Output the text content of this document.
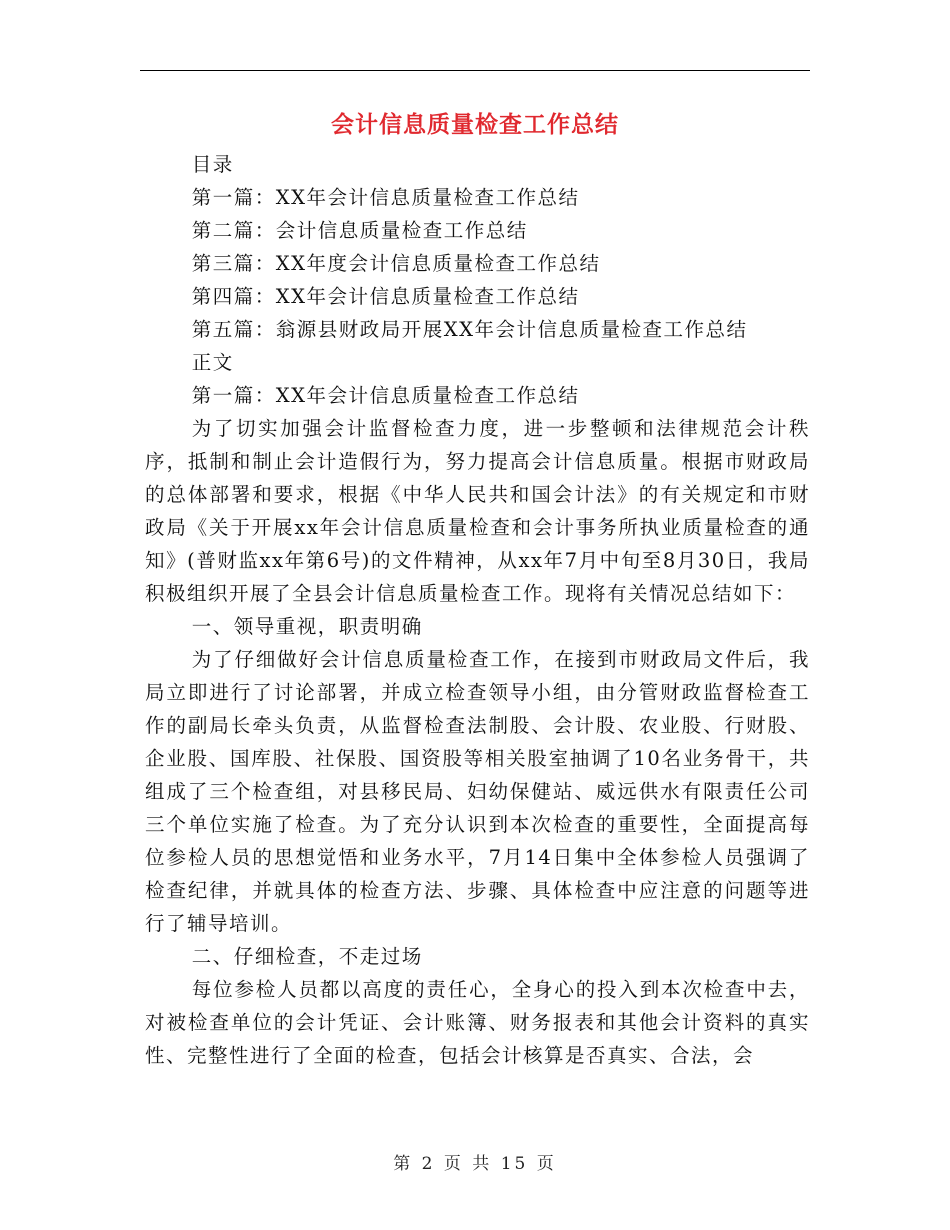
会计信息质量检查工作总结

目录

第一篇：XX年会计信息质量检查工作总结

第二篇：会计信息质量检查工作总结

第三篇：XX年度会计信息质量检查工作总结

第四篇：XX年会计信息质量检查工作总结

第五篇：翁源县财政局开展XX年会计信息质量检查工作总结

正文

第一篇：XX年会计信息质量检查工作总结

为了切实加强会计监督检查力度，进一步整顿和法律规范会计秩序，抵制和制止会计造假行为，努力提高会计信息质量。根据市财政局的总体部署和要求，根据《中华人民共和国会计法》的有关规定和市财政局《关于开展xx年会计信息质量检查和会计事务所执业质量检查的通知》(普财监xx年第6号)的文件精神，从xx年7月中旬至8月30日，我局积极组织开展了全县会计信息质量检查工作。现将有关情况总结如下：

一、领导重视，职责明确

为了仔细做好会计信息质量检查工作，在接到市财政局文件后，我局立即进行了讨论部署，并成立检查领导小组，由分管财政监督检查工作的副局长牵头负责，从监督检查法制股、会计股、农业股、行财股、企业股、国库股、社保股、国资股等相关股室抽调了10名业务骨干，共组成了三个检查组，对县移民局、妇幼保健站、威远供水有限责任公司三个单位实施了检查。为了充分认识到本次检查的重要性，全面提高每位参检人员的思想觉悟和业务水平，7月14日集中全体参检人员强调了检查纪律，并就具体的检查方法、步骤、具体检查中应注意的问题等进行了辅导培训。

二、仔细检查，不走过场

每位参检人员都以高度的责任心，全身心的投入到本次检查中去，对被检查单位的会计凭证、会计账簿、财务报表和其他会计资料的真实性、完整性进行了全面的检查，包括会计核算是否真实、合法，会

第 2 页 共 15 页
